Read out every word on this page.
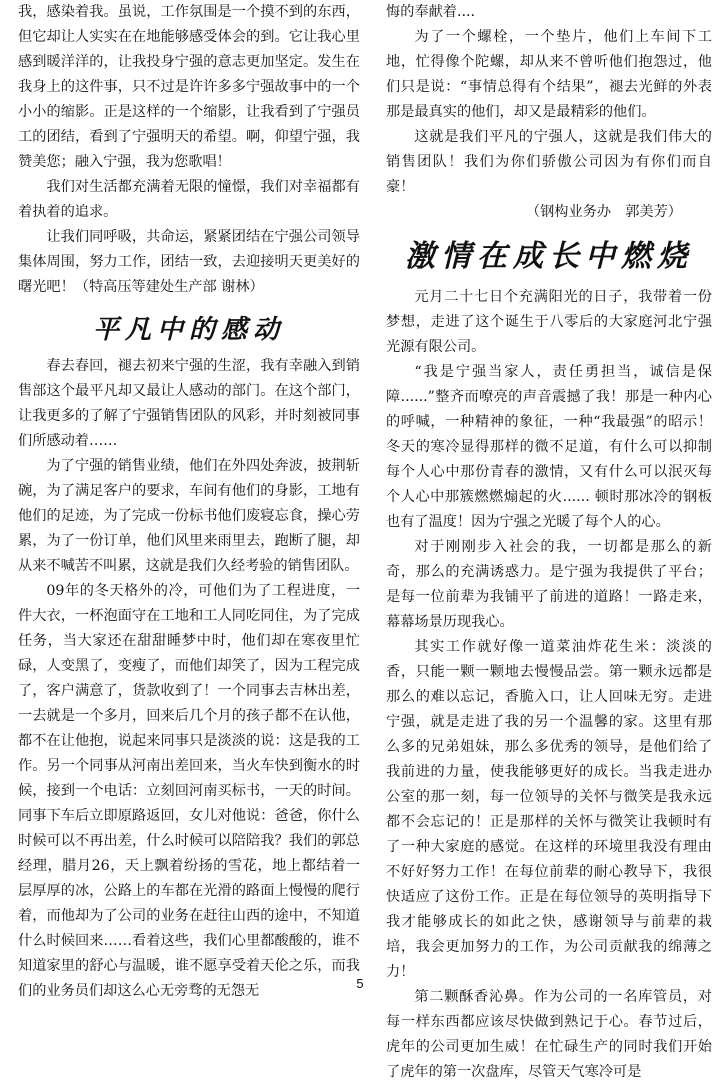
我，感染着我。虽说，工作氛围是一个摸不到的东西，但它却让人实实在在地能够感受体会的到。它让我心里感到暖洋洋的，让我投身宁强的意志更加坚定。发生在我身上的这件事，只不过是许许多多宁强故事中的一个小小的缩影。正是这样的一个缩影，让我看到了宁强员工的团结，看到了宁强明天的希望。啊，仰望宁强，我赞美您；融入宁强，我为您歌唱！

我们对生活都充满着无限的憧憬，我们对幸福都有着执着的追求。

让我们同呼吸，共命运，紧紧团结在宁强公司领导集体周围，努力工作，团结一致，去迎接明天更美好的曙光吧！（特高压等建处生产部 谢林）

平凡中的感动

春去春回，褪去初来宁强的生涩，我有幸融入到销售部这个最平凡却又最让人感动的部门。在这个部门，让我更多的了解了宁强销售团队的风彩，并时刻被同事们所感动着……

为了宁强的销售业绩，他们在外四处奔波，披荆斩碗，为了满足客户的要求，车间有他们的身影，工地有他们的足迹，为了完成一份标书他们废寝忘食，操心劳累，为了一份订单，他们风里来雨里去，跑断了腿，却从来不喊苦不叫累，这就是我们久经考验的销售团队。

09年的冬天格外的冷，可他们为了工程进度，一件大衣，一杯泡面守在工地和工人同吃同住，为了完成任务，当大家还在甜甜睡梦中时，他们却在寒夜里忙碌，人变黑了，变瘦了，而他们却笑了，因为工程完成了，客户满意了，货款收到了！一个同事去吉林出差，一去就是一个多月，回来后几个月的孩子都不在认他，都不在让他抱，说起来同事只是淡淡的说：这是我的工作。另一个同事从河南出差回来，当火车快到衡水的时候，接到一个电话：立刻回河南买标书，一天的时间。同事下车后立即原路返回，女儿对他说：爸爸，你什么时候可以不再出差，什么时候可以陪陪我？我们的郭总经理，腊月26，天上飘着纷扬的雪花，地上都结着一层厚厚的冰，公路上的车都在光滑的路面上慢慢的爬行着，而他却为了公司的业务在赶往山西的途中，不知道什么时候回来……看着这些，我们心里都酸酸的，谁不知道家里的舒心与温暖，谁不愿享受着天伦之乐，而我们的业务员们却这么心无旁骛的无怨无

悔的奉献着....

为了一个螺栓，一个垫片，他们上车间下工地，忙得像个陀螺，却从来不曾听他们抱怨过，他们只是说：“事情总得有个结果”，褪去光鲜的外表那是最真实的他们，却又是最精彩的他们。

这就是我们平凡的宁强人，这就是我们伟大的销售团队！我们为你们骄傲公司因为有你们而自豪！

（钢构业务办　郭美芳）

激情在成长中燃烧

元月二十七日个充满阳光的日子，我带着一份梦想，走进了这个诞生于八零后的大家庭河北宁强光源有限公司。

“我是宁强当家人，责任勇担当，诚信是保障......”整齐而嘹亮的声音震撼了我！那是一种内心的呼喊，一种精神的象征，一种“我最强”的昭示！冬天的寒冷显得那样的微不足道，有什么可以抑制每个人心中那份青春的激情，又有什么可以泯灭每个人心中那簇燃燃煽起的火...... 顿时那冰冷的钢板也有了温度！因为宁强之光暖了每个人的心。

对于刚刚步入社会的我，一切都是那么的新奇，那么的充满诱惑力。是宁强为我提供了平台；是每一位前辈为我铺平了前进的道路！一路走来，幕幕场景历现我心。

其实工作就好像一道菜油炸花生米：淡淡的香，只能一颗一颗地去慢慢品尝。第一颗永远都是那么的难以忘记，香脆入口，让人回味无穷。走进宁强，就是走进了我的另一个温馨的家。这里有那么多的兄弟姐妹，那么多优秀的领导，是他们给了我前进的力量，使我能够更好的成长。当我走进办公室的那一刻，每一位领导的关怀与微笑是我永远都不会忘记的！正是那样的关怀与微笑让我顿时有了一种大家庭的感觉。在这样的环境里我没有理由不好好努力工作！在每位前辈的耐心教导下，我很快适应了这份工作。正是在每位领导的英明指导下我才能够成长的如此之快，感谢领导与前辈的栽培，我会更加努力的工作，为公司贡献我的绵薄之力！

第二颗酥香沁鼻。作为公司的一名库管员，对每一样东西都应该尽快做到熟记于心。春节过后，虎年的公司更加生威！在忙碌生产的同时我们开始了虎年的第一次盘库，尽管天气寒冷可是

5
